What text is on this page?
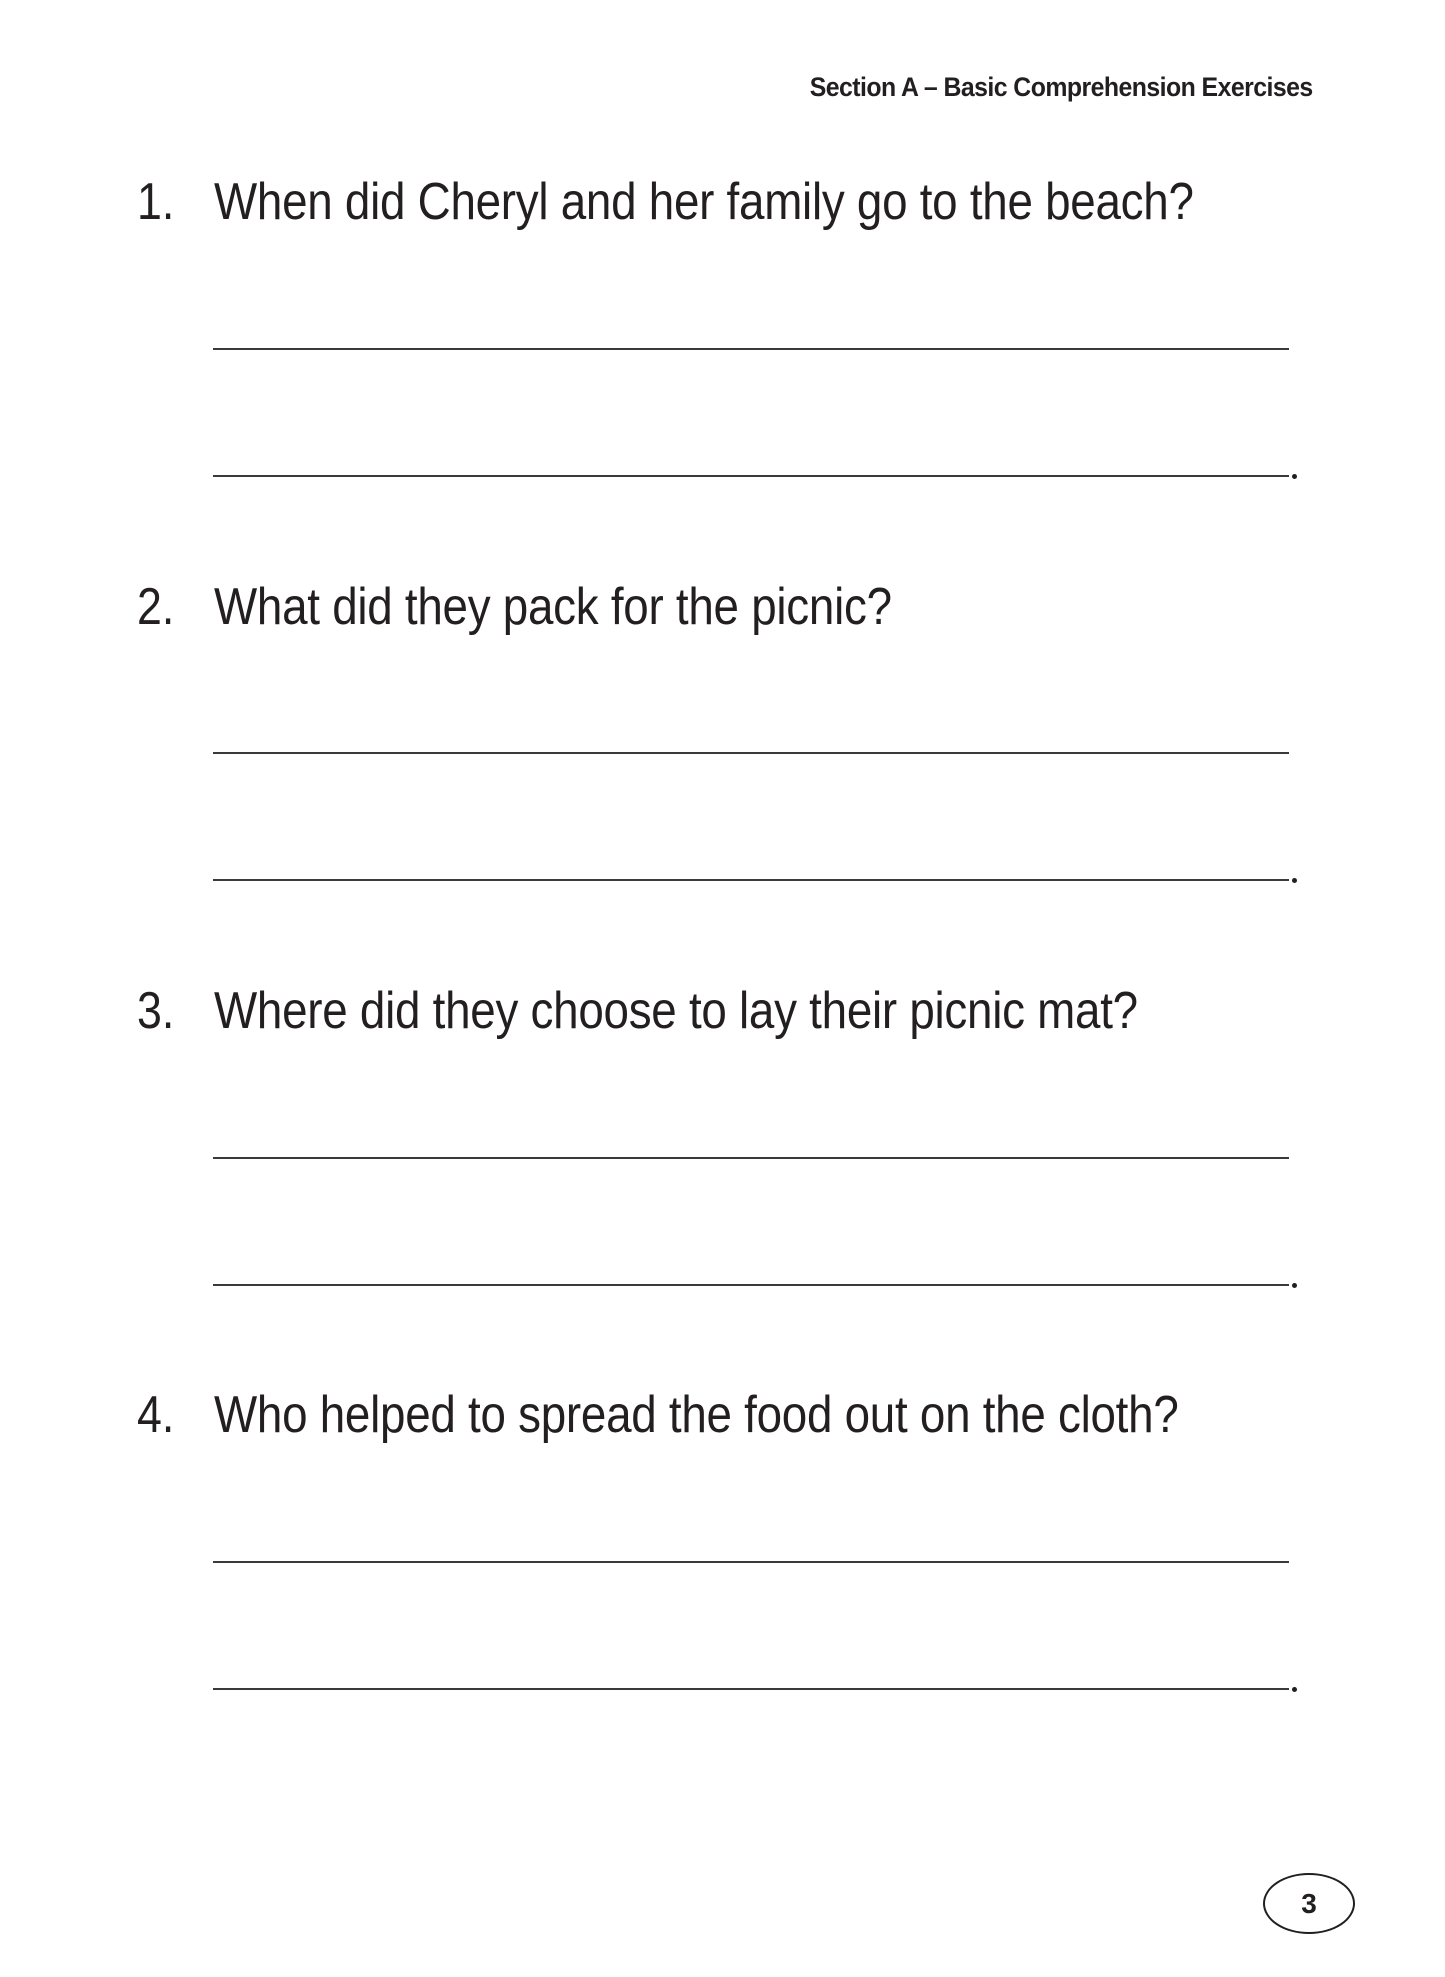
Section A – Basic Comprehension Exercises
1. When did Cheryl and her family go to the beach?
2. What did they pack for the picnic?
3. Where did they choose to lay their picnic mat?
4. Who helped to spread the food out on the cloth?
3
